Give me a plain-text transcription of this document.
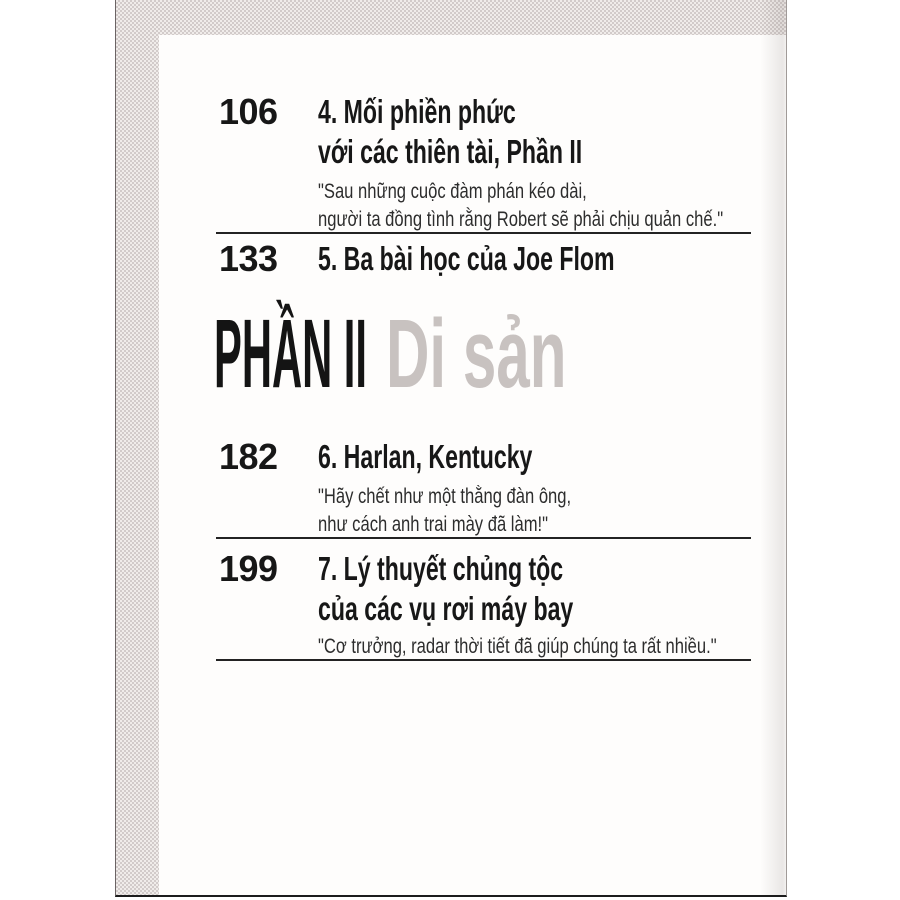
106	4. Mối phiền phức
với các thiên tài, Phần II
"Sau những cuộc đàm phán kéo dài,
người ta đồng tình rằng Robert sẽ phải chịu quản chế."
133	5. Ba bài học của Joe Flom
PHẦN II Di sản
182	6. Harlan, Kentucky
"Hãy chết như một thằng đàn ông,
như cách anh trai mày đã làm!"
199	7. Lý thuyết chủng tộc
của các vụ rơi máy bay
"Cơ trưởng, radar thời tiết đã giúp chúng ta rất nhiều."
